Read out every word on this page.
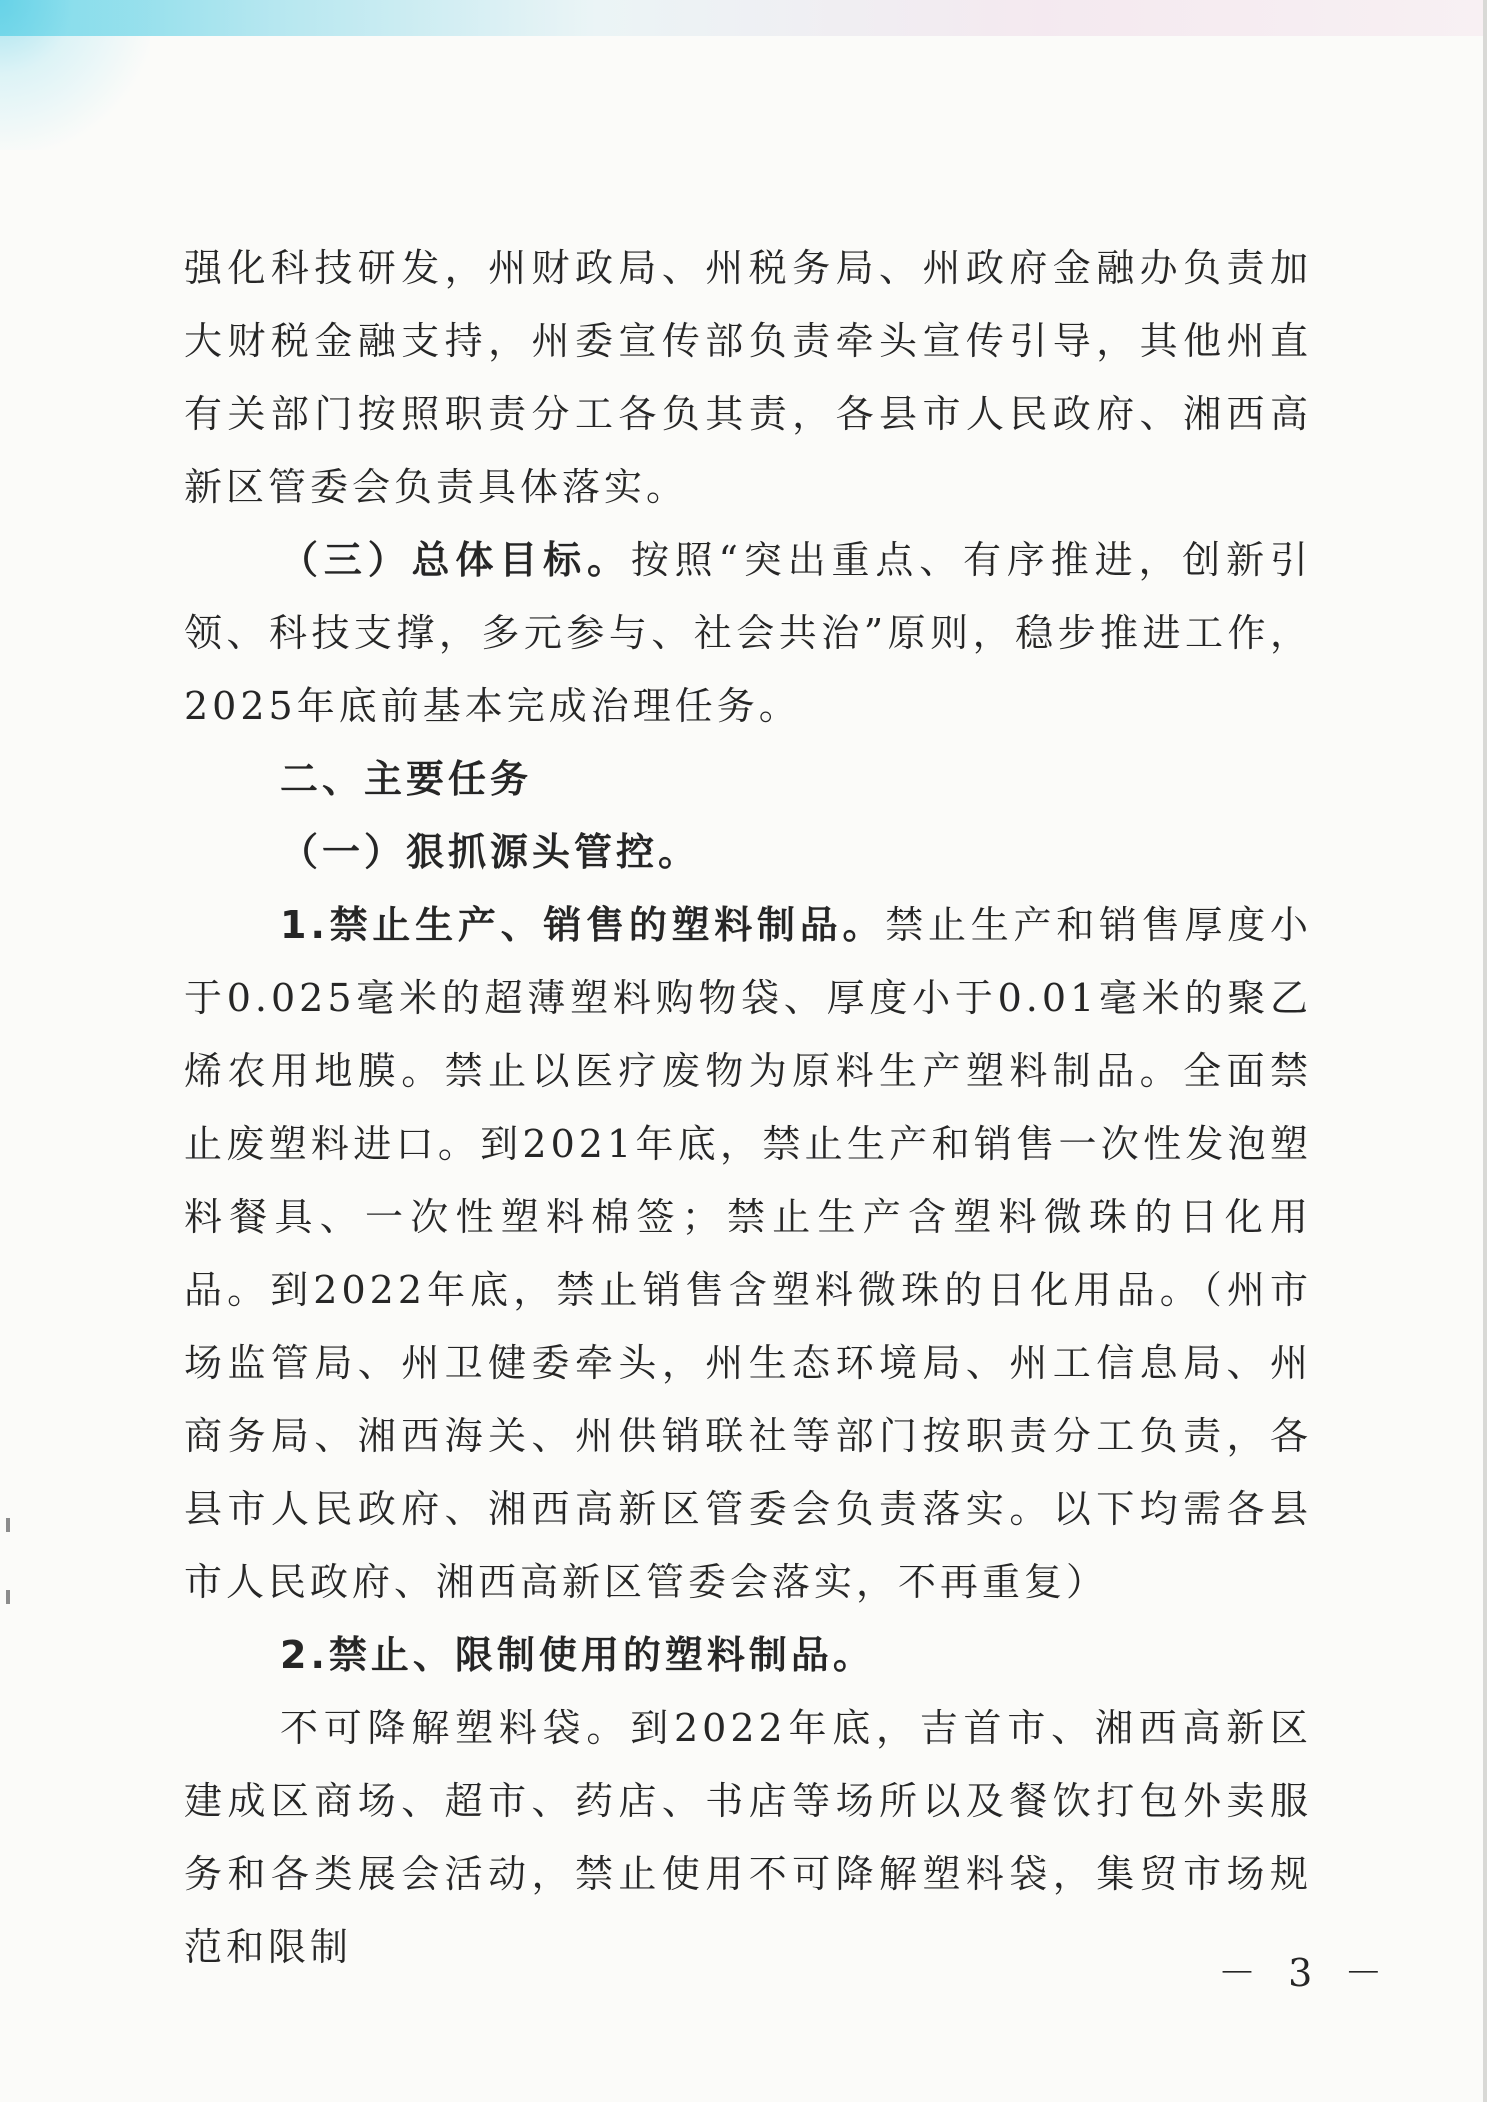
强化科技研发，州财政局、州税务局、州政府金融办负责加大财税金融支持，州委宣传部负责牵头宣传引导，其他州直有关部门按照职责分工各负其责，各县市人民政府、湘西高新区管委会负责具体落实。

（三）总体目标。按照“突出重点、有序推进，创新引领、科技支撑，多元参与、社会共治”原则，稳步推进工作，2025年底前基本完成治理任务。

二、主要任务

（一）狠抓源头管控。

1.禁止生产、销售的塑料制品。禁止生产和销售厚度小于0.025毫米的超薄塑料购物袋、厚度小于0.01毫米的聚乙烯农用地膜。禁止以医疗废物为原料生产塑料制品。全面禁止废塑料进口。到2021年底，禁止生产和销售一次性发泡塑料餐具、一次性塑料棉签；禁止生产含塑料微珠的日化用品。到2022年底，禁止销售含塑料微珠的日化用品。（州市场监管局、州卫健委牵头，州生态环境局、州工信息局、州商务局、湘西海关、州供销联社等部门按职责分工负责，各县市人民政府、湘西高新区管委会负责落实。以下均需各县市人民政府、湘西高新区管委会落实，不再重复）

2.禁止、限制使用的塑料制品。

不可降解塑料袋。到2022年底，吉首市、湘西高新区建成区商场、超市、药店、书店等场所以及餐饮打包外卖服务和各类展会活动，禁止使用不可降解塑料袋，集贸市场规范和限制

－ 3 －
